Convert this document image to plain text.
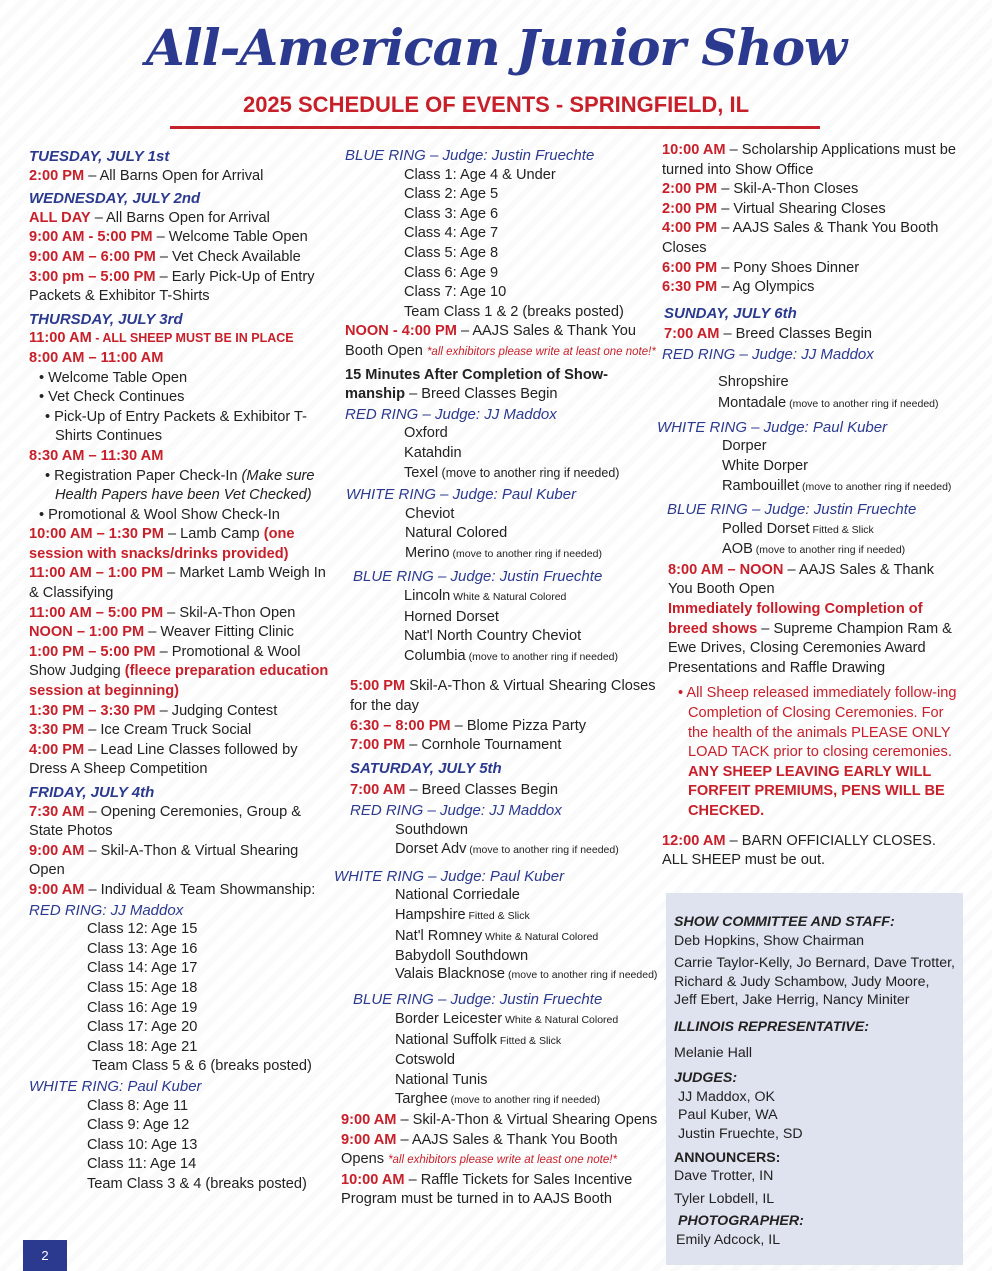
All-American Junior Show
2025 SCHEDULE OF EVENTS - SPRINGFIELD, IL
TUESDAY, JULY 1st
2:00 PM – All Barns Open for Arrival
WEDNESDAY, JULY 2nd
ALL DAY – All Barns Open for Arrival
9:00 AM - 5:00 PM – Welcome Table Open
9:00 AM – 6:00 PM – Vet Check Available
3:00 pm – 5:00 PM – Early Pick-Up of Entry Packets & Exhibitor T-Shirts
THURSDAY, JULY 3rd
11:00 AM - ALL SHEEP MUST BE IN PLACE
8:00 AM – 11:00 AM
• Welcome Table Open
• Vet Check Continues
• Pick-Up of Entry Packets & Exhibitor T-Shirts Continues
8:30 AM – 11:30 AM
• Registration Paper Check-In (Make sure Health Papers have been Vet Checked)
• Promotional & Wool Show Check-In
10:00 AM – 1:30 PM – Lamb Camp (one session with snacks/drinks provided)
11:00 AM – 1:00 PM – Market Lamb Weigh In & Classifying
11:00 AM – 5:00 PM – Skil-A-Thon Open
NOON – 1:00 PM – Weaver Fitting Clinic
1:00 PM – 5:00 PM – Promotional & Wool Show Judging (fleece preparation education session at beginning)
1:30 PM – 3:30 PM – Judging Contest
3:30 PM – Ice Cream Truck Social
4:00 PM – Lead Line Classes followed by Dress A Sheep Competition
FRIDAY, JULY 4th
7:30 AM – Opening Ceremonies, Group & State Photos
9:00 AM – Skil-A-Thon & Virtual Shearing Open
9:00 AM – Individual & Team Showmanship:
RED RING: JJ Maddox
Class 12: Age 15
Class 13: Age 16
Class 14: Age 17
Class 15: Age 18
Class 16: Age 19
Class 17: Age 20
Class 18: Age 21
Team Class 5 & 6 (breaks posted)
WHITE RING: Paul Kuber
Class 8: Age 11
Class 9: Age 12
Class 10: Age 13
Class 11: Age 14
Team Class 3 & 4 (breaks posted)
BLUE RING – Judge: Justin Fruechte
Class 1: Age 4 & Under
Class 2: Age 5
Class 3: Age 6
Class 4: Age 7
Class 5: Age 8
Class 6: Age 9
Class 7: Age 10
Team Class 1 & 2 (breaks posted)
NOON - 4:00 PM – AAJS Sales & Thank You Booth Open *all exhibitors please write at least one note!*
15 Minutes After Completion of Show-manship – Breed Classes Begin
RED RING – Judge: JJ Maddox
Oxford
Katahdin
Texel (move to another ring if needed)
WHITE RING – Judge: Paul Kuber
Cheviot
Natural Colored
Merino (move to another ring if needed)
BLUE RING – Judge: Justin Fruechte
Lincoln White & Natural Colored
Horned Dorset
Nat'l North Country Cheviot
Columbia (move to another ring if needed)
5:00 PM Skil-A-Thon & Virtual Shearing Closes for the day
6:30 – 8:00 PM – Blome Pizza Party
7:00 PM – Cornhole Tournament
SATURDAY, JULY 5th
7:00 AM – Breed Classes Begin
RED RING – Judge: JJ Maddox
Southdown
Dorset Adv (move to another ring if needed)
WHITE RING – Judge: Paul Kuber
National Corriedale
Hampshire Fitted & Slick
Nat'l Romney White & Natural Colored
Babydoll Southdown
Valais Blacknose (move to another ring if needed)
BLUE RING – Judge: Justin Fruechte
Border Leicester White & Natural Colored
National Suffolk Fitted & Slick
Cotswold
National Tunis
Targhee (move to another ring if needed)
9:00 AM – Skil-A-Thon & Virtual Shearing Opens
9:00 AM – AAJS Sales & Thank You Booth Opens *all exhibitors please write at least one note!*
10:00 AM – Raffle Tickets for Sales Incentive Program must be turned in to AAJS Booth
10:00 AM – Scholarship Applications must be turned into Show Office
2:00 PM – Skil-A-Thon Closes
2:00 PM – Virtual Shearing Closes
4:00 PM – AAJS Sales & Thank You Booth Closes
6:00 PM – Pony Shoes Dinner
6:30 PM – Ag Olympics
SUNDAY, JULY 6th
7:00 AM – Breed Classes Begin
RED RING – Judge: JJ Maddox
Shropshire
Montadale (move to another ring if needed)
WHITE RING – Judge: Paul Kuber
Dorper
White Dorper
Rambouillet (move to another ring if needed)
BLUE RING – Judge: Justin Fruechte
Polled Dorset Fitted & Slick
AOB (move to another ring if needed)
8:00 AM – NOON – AAJS Sales & Thank You Booth Open
Immediately following Completion of breed shows – Supreme Champion Ram & Ewe Drives, Closing Ceremonies Award Presentations and Raffle Drawing
• All Sheep released immediately follow-ing Completion of Closing Ceremonies. For the health of the animals PLEASE ONLY LOAD TACK prior to closing ceremonies. ANY SHEEP LEAVING EARLY WILL FORFEIT PREMIUMS, PENS WILL BE CHECKED.
12:00 AM – BARN OFFICIALLY CLOSES. ALL SHEEP must be out.
SHOW COMMITTEE AND STAFF:
Deb Hopkins, Show Chairman
Carrie Taylor-Kelly, Jo Bernard, Dave Trotter, Richard & Judy Schambow, Judy Moore, Jeff Ebert, Jake Herrig, Nancy Miniter
ILLINOIS REPRESENTATIVE:
Melanie Hall
JUDGES:
JJ Maddox, OK
Paul Kuber, WA
Justin Fruechte, SD
ANNOUNCERS:
Dave Trotter, IN
Tyler Lobdell, IL
PHOTOGRAPHER:
Emily Adcock, IL
2
